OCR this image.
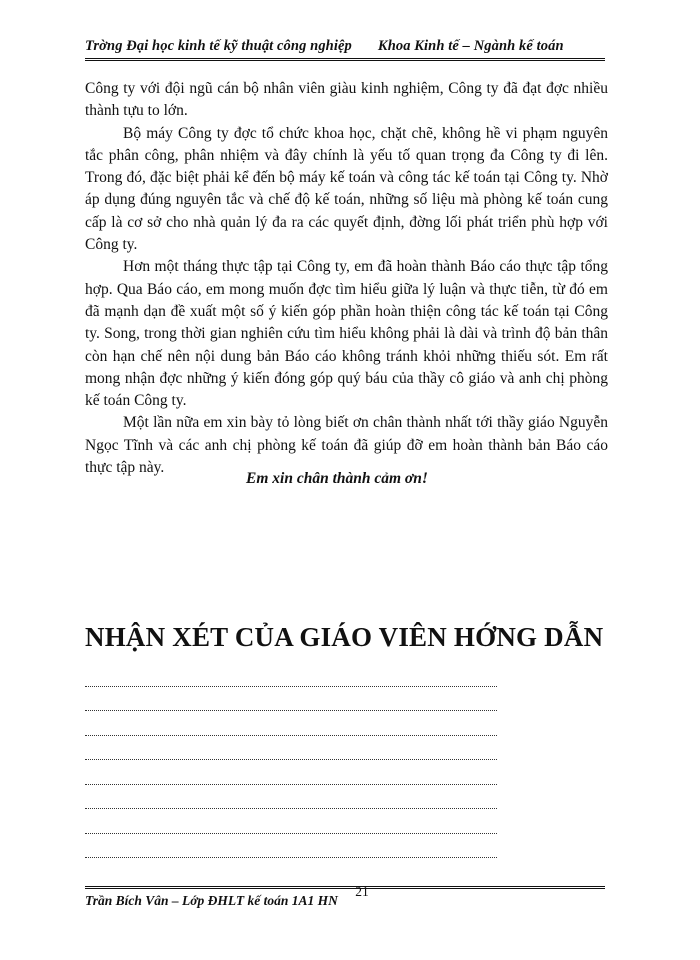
Trờng Đại học kinh tế kỹ thuật công nghiệp Khoa Kinh tế – Ngành kế toán

Công ty với đội ngũ cán bộ nhân viên giàu kinh nghiệm, Công ty đã đạt đợc nhiều thành tựu to lớn.

Bộ máy Công ty đợc tổ chức khoa học, chặt chẽ, không hề vi phạm nguyên tắc phân công, phân nhiệm và đây chính là yếu tố quan trọng đa Công ty đi lên. Trong đó, đặc biệt phải kể đến bộ máy kế toán và công tác kế toán tại Công ty. Nhờ áp dụng đúng nguyên tắc và chế độ kế toán, những số liệu mà phòng kế toán cung cấp là cơ sở cho nhà quản lý đa ra các quyết định, đờng lối phát triển phù hợp với Công ty.

Hơn một tháng thực tập tại Công ty, em đã hoàn thành Báo cáo thực tập tổng hợp. Qua Báo cáo, em mong muốn đợc tìm hiểu giữa lý luận và thực tiễn, từ đó em đã mạnh dạn đề xuất một số ý kiến góp phần hoàn thiện công tác kế toán tại Công ty. Song, trong thời gian nghiên cứu tìm hiểu không phải là dài và trình độ bản thân còn hạn chế nên nội dung bản Báo cáo không tránh khỏi những thiếu sót. Em rất mong nhận đợc những ý kiến đóng góp quý báu của thầy cô giáo và anh chị phòng kế toán Công ty.

Một lần nữa em xin bày tỏ lòng biết ơn chân thành nhất tới thầy giáo Nguyễn Ngọc Tĩnh và các anh chị phòng kế toán đã giúp đỡ em hoàn thành bản Báo cáo thực tập này.

Em xin chân thành cảm ơn!
NHẬN XÉT CỦA GIÁO VIÊN HỚNG DẪN
21
Trần Bích Vân – Lớp ĐHLT kế toán 1A1 HN
